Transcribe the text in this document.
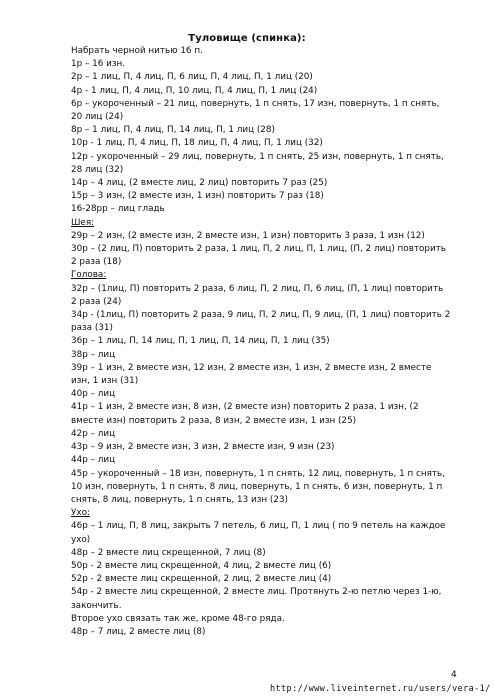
Туловище (спинка):
Набрать черной нитью 16 п.
1р – 16 изн.
2р – 1 лиц, П, 4 лиц, П, 6 лиц, П, 4 лиц, П, 1 лиц (20)
4р - 1 лиц, П, 4 лиц, П, 10 лиц, П, 4 лиц, П, 1 лиц (24)
6р – укороченный – 21 лиц, повернуть, 1 п снять, 17 изн, повернуть, 1 п снять, 20 лиц (24)
8р – 1 лиц, П, 4 лиц, П, 14 лиц, П, 1 лиц (28)
10р - 1 лиц, П, 4 лиц, П, 18 лиц, П, 4 лиц, П, 1 лиц (32)
12р - укороченный – 29 лиц, повернуть, 1 п снять, 25 изн, повернуть, 1 п снять, 28 лиц (32)
14р – 4 лиц, (2 вместе лиц, 2 лиц) повторить 7 раз (25)
15р – 3 изн, (2 вместе изн, 1 изн) повторить 7 раз (18)
16-28рр – лиц гладь
Шея:
29р – 2 изн, (2 вместе изн, 2 вместе изн, 1 изн) повторить 3 раза, 1 изн (12)
30р – (2 лиц, П) повторить 2 раза, 1 лиц, П, 2 лиц, П, 1 лиц, (П, 2 лиц) повторить 2 раза (18)
Голова:
32р – (1лиц, П) повторить 2 раза, 6 лиц, П, 2 лиц, П, 6 лиц, (П, 1 лиц) повторить 2 раза (24)
34р - (1лиц, П) повторить 2 раза, 9 лиц, П, 2 лиц, П, 9 лиц, (П, 1 лиц) повторить 2 раза (31)
36р – 1 лиц, П, 14 лиц, П, 1 лиц, П, 14 лиц, П, 1 лиц (35)
38р – лиц
39р – 1 изн, 2 вместе изн, 12 изн, 2 вместе изн, 1 изн, 2 вместе изн, 2 вместе изн, 1 изн (31)
40р – лиц
41р – 1 изн, 2 вместе изн, 8 изн, (2 вместе изн) повторить 2 раза, 1 изн, (2 вместе изн) повторить 2 раза, 8 изн, 2 вместе изн, 1 изн (25)
42р – лиц
43р – 9 изн, 2 вместе изн, 3 изн, 2 вместе изн, 9 изн (23)
44р – лиц
45р – укороченный – 18 изн, повернуть, 1 п снять, 12 лиц, повернуть, 1 п снять, 10 изн, повернуть, 1 п снять, 8 лиц, повернуть, 1 п снять, 6 изн, повернуть, 1 п снять, 8 лиц, повернуть, 1 п снять, 13 изн (23)
Ухо:
46р – 1 лиц, П, 8 лиц, закрыть 7 петель, 6 лиц, П, 1 лиц ( по 9 петель на каждое ухо)
48р – 2 вместе лиц скрещенной, 7 лиц (8)
50р - 2 вместе лиц скрещенной, 4 лиц, 2 вместе лиц (6)
52р - 2 вместе лиц скрещенной, 2 лиц, 2 вместе лиц (4)
54р - 2 вместе лиц скрещенной, 2 вместе лиц. Протянуть 2-ю петлю через 1-ю, закончить.
Второе ухо связать так же, кроме 48-го ряда.
48р – 7 лиц, 2 вместе лиц (8)
4
http://www.liveinternet.ru/users/vera-1/
